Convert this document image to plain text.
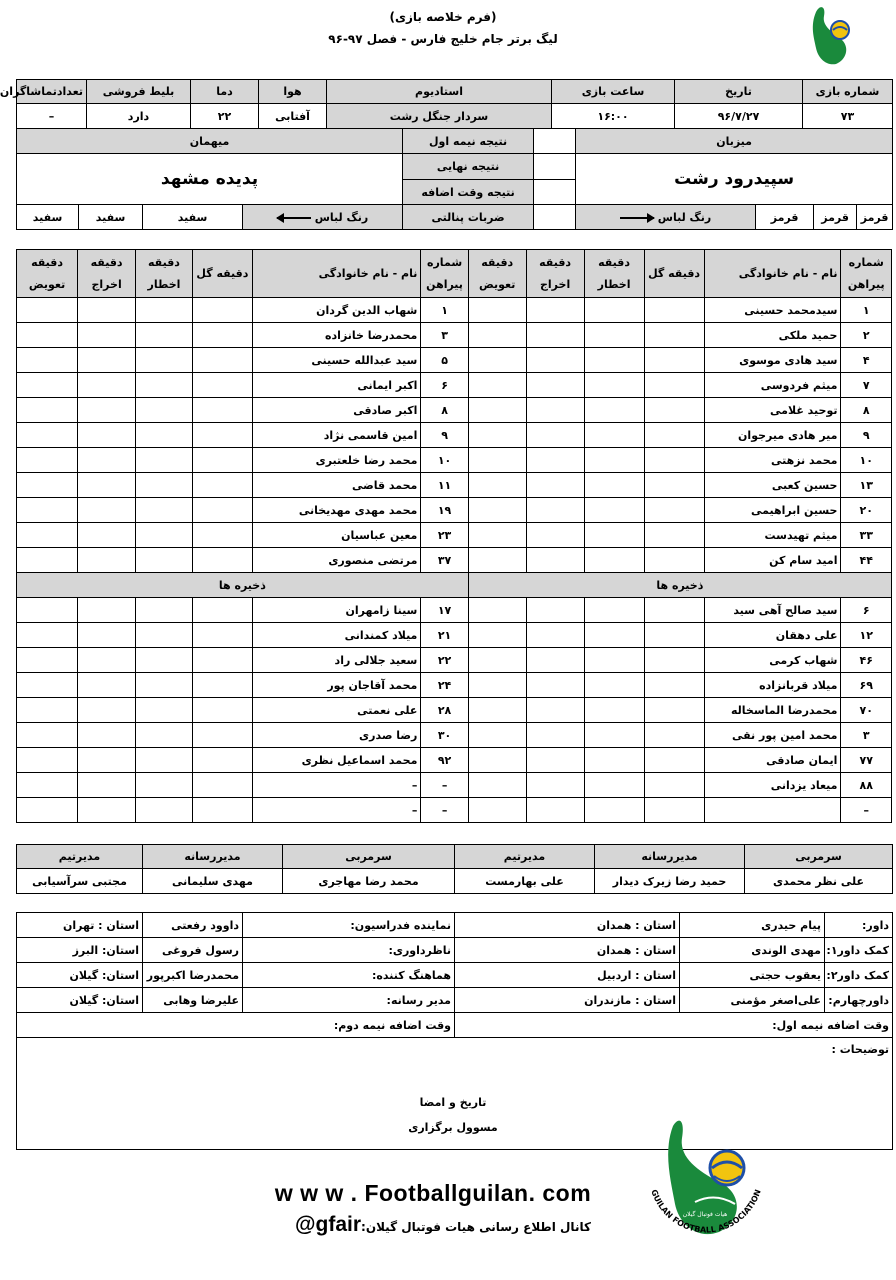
(فرم خلاصه بازی)
لیگ برتر جام خلیج فارس - فصل ۹۷-۹۶
شماره بازی	تاریخ	ساعت بازی	استادیوم	هوا	دما	بلیط فروشی	تعدادتماشاگران
۷۳	۹۶/۷/۲۷	۱۶:۰۰	سردار جنگل رشت	آفتابی	۲۲	دارد	–
میزبان					نتیجه نیمه اول	میهمان			
سپیدرود رشت					نتیجه نهایی	پدیده مشهد			
					نتیجه وقت اضافه				
قرمز	قرمز	قرمز	رنگ لباس		ضربات پنالتی	رنگ لباس	سفید	سفید	سفید
شماره پیراهن	نام - نام خانوادگی	دقیقه گل	دقیقه اخطار	دقیقه اخراج	دقیقه تعویض	شماره پیراهن	نام - نام خانوادگی	دقیقه گل	دقیقه اخطار	دقیقه اخراج	دقیقه تعویض
۱	سیدمحمد حسینی					۱	شهاب الدین گردان				
۲	حمید ملکی					۳	محمدرضا خانزاده				
۴	سید هادی موسوی					۵	سید عبدالله حسینی				
۷	میثم فردوسی					۶	اکبر ایمانی				
۸	توحید غلامی					۸	اکبر صادقی				
۹	میر هادی میرجوان					۹	امین قاسمی نژاد				
۱۰	محمد نزهتی					۱۰	محمد رضا خلعتبری				
۱۳	حسین کعبی					۱۱	محمد قاضی				
۲۰	حسین ابراهیمی					۱۹	محمد مهدی مهدیخانی				
۳۳	میثم تهیدست					۲۳	معین عباسیان				
۴۴	امید سام کن					۳۷	مرتضی منصوری				
ذخیره ها						ذخیره ها					
۶	سید صالح آهی سید					۱۷	سینا زامهران				
۱۲	علی دهقان					۲۱	میلاد کمندانی				
۴۶	شهاب کرمی					۲۲	سعید جلالی راد				
۶۹	میلاد قربانزاده					۲۴	محمد آقاجان پور				
۷۰	محمدرضا الماسخاله					۲۸	علی نعمتی				
۳	محمد امین پور نقی					۳۰	رضا صدری				
۷۷	ایمان صادقی					۹۲	محمد اسماعیل نظری				
۸۸	میعاد یزدانی					–	–				
–						–	–				
سرمربی	مدیررسانه	مدیرتیم	سرمربی	مدیررسانه	مدیرتیم
علی نظر محمدی	حمید رضا زیرک دیدار	علی بهارمست	محمد رضا مهاجری	مهدی سلیمانی	مجتبی سرآسیابی
داور:	پیام حیدری	استان : همدان	نماینده فدراسیون:	داوود رفعتی	استان : تهران
کمک داور۱:	مهدی الوندی	استان : همدان	ناظرداوری:	رسول فروغی	استان: البرز
کمک داور۲:	یعقوب حجتی	استان : اردبیل	هماهنگ کننده:	محمدرضا اکبرپور	استان: گیلان
داورچهارم:	علی‌اصغر مؤمنی	استان : مازندران	مدیر رسانه:	علیرضا وهابی	استان: گیلان
وقت اضافه نیمه اول:			وقت اضافه نیمه دوم:		
توضیحات :					
تاریخ و امضا
مسوول برگزاری
w w w . Footballguilan. com
کانال اطلاع رسانی هیات فوتبال گیلان:@gfair	هیات فوتبال گیلان
GUILAN FOOTBALL ASSOCIATION
